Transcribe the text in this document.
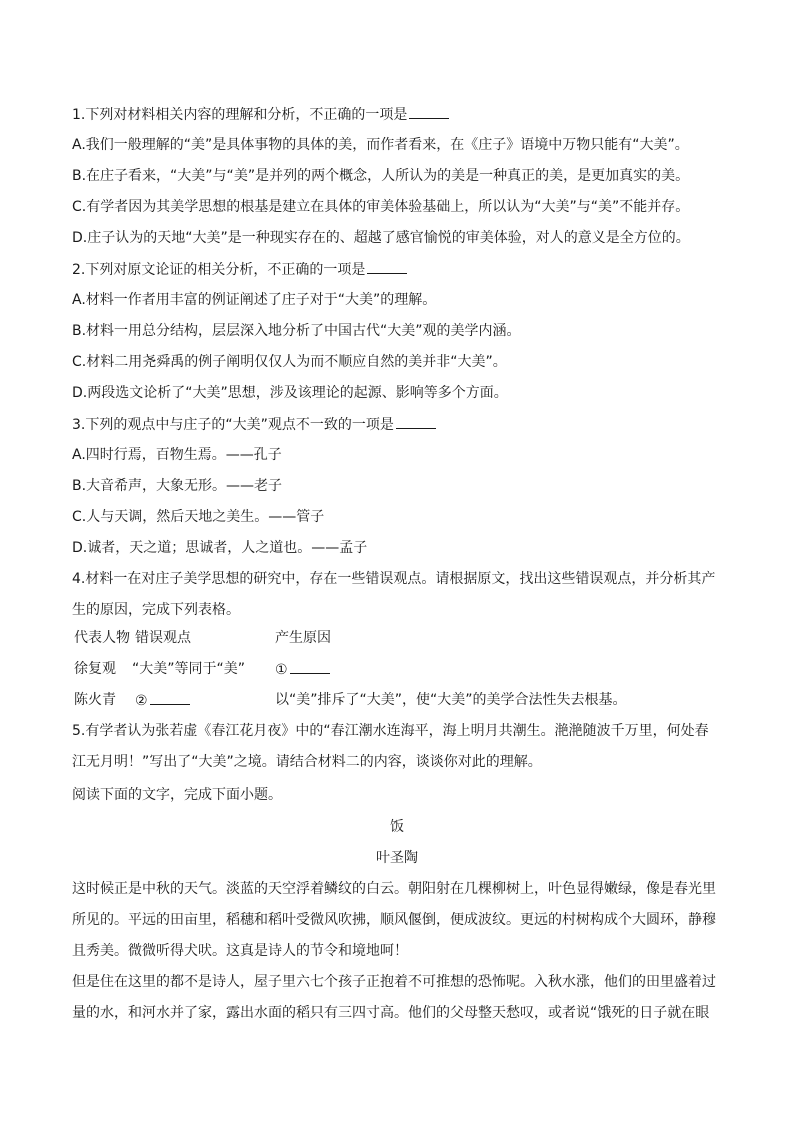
1.下列对材料相关内容的理解和分析，不正确的一项是
A.我们一般理解的“美”是具体事物的具体的美，而作者看来，在《庄子》语境中万物只能有“大美”。
B.在庄子看来，“大美”与“美”是并列的两个概念，人所认为的美是一种真正的美，是更加真实的美。
C.有学者因为其美学思想的根基是建立在具体的审美体验基础上，所以认为“大美”与“美”不能并存。
D.庄子认为的天地“大美”是一种现实存在的、超越了感官愉悦的审美体验，对人的意义是全方位的。
2.下列对原文论证的相关分析，不正确的一项是
A.材料一作者用丰富的例证阐述了庄子对于“大美”的理解。
B.材料一用总分结构，层层深入地分析了中国古代“大美”观的美学内涵。
C.材料二用尧舜禹的例子阐明仅仅人为而不顺应自然的美并非“大美”。
D.两段选文论析了“大美”思想，涉及该理论的起源、影响等多个方面。
3.下列的观点中与庄子的“大美”观点不一致的一项是
A.四时行焉，百物生焉。——孔子
B.大音希声，大象无形。——老子
C.人与天调，然后天地之美生。——管子
D.诚者，天之道；思诚者，人之道也。——孟子
4.材料一在对庄子美学思想的研究中，存在一些错误观点。请根据原文，找出这些错误观点，并分析其产
生的原因，完成下列表格。
代表人物 错误观点	产生原因
徐复观 “大美”等同于“美” ①
陈火青 ②	以“美”排斥了“大美”，使“大美”的美学合法性失去根基。
5.有学者认为张若虚《春江花月夜》中的“春江潮水连海平，海上明月共潮生。滟滟随波千万里，何处春
江无月明！”写出了“大美”之境。请结合材料二的内容，谈谈你对此的理解。
阅读下面的文字，完成下面小题。
饭
叶圣陶
这时候正是中秋的天气。淡蓝的天空浮着鳞纹的白云。朝阳射在几棵柳树上，叶色显得嫩绿，像是春光里
所见的。平远的田亩里，稻穗和稻叶受微风吹拂，顺风偃倒，便成波纹。更远的村树构成个大圆环，静穆
且秀美。微微听得犬吠。这真是诗人的节令和境地呵！
但是住在这里的都不是诗人，屋子里六七个孩子正抱着不可推想的恐怖呢。入秋水涨，他们的田里盛着过
量的水，和河水并了家，露出水面的稻只有三四寸高。他们的父母整天愁叹，或者说“饿死的日子就在眼
